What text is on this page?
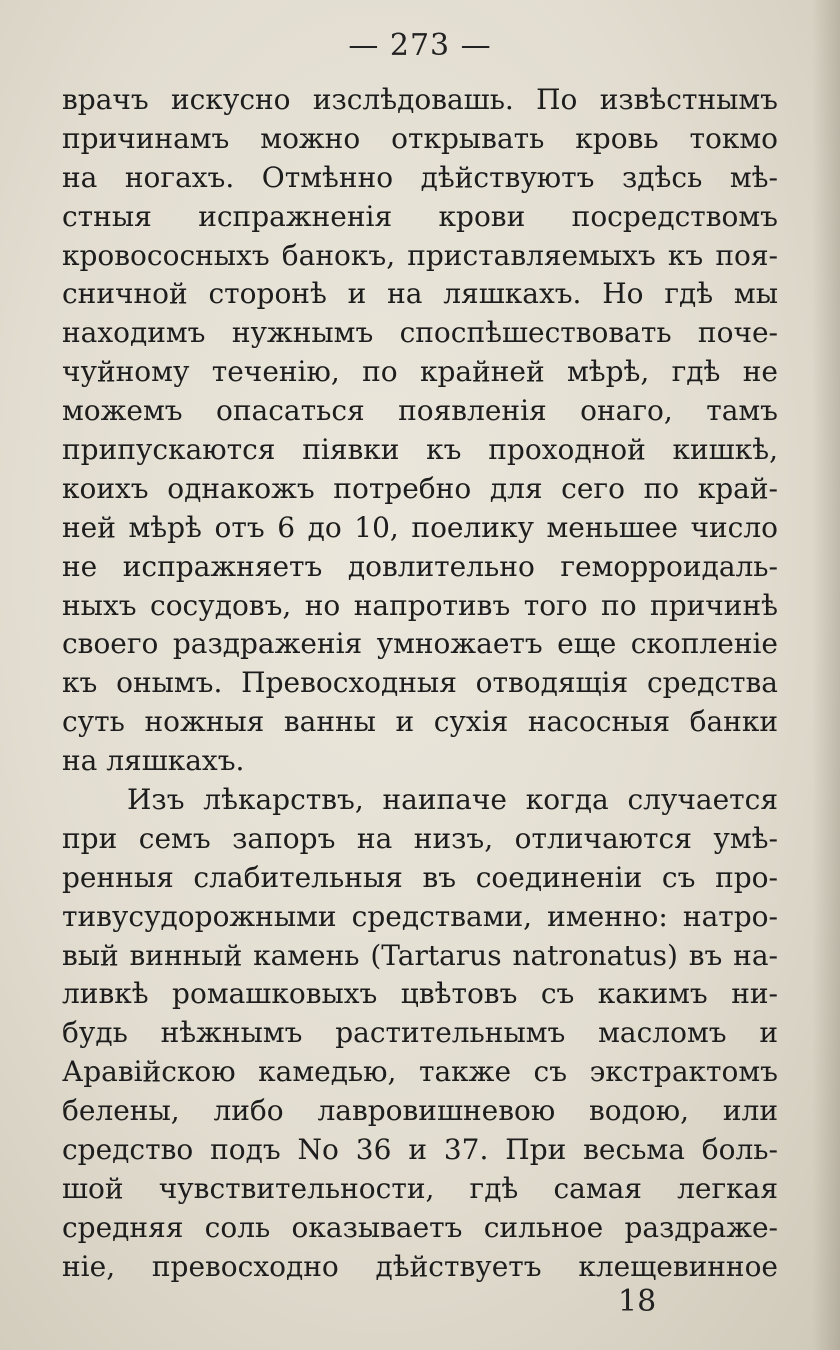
— 273 —
врачъ искусно изслѣдовашь. По извѣстнымъ
причинамъ можно открывать кровь токмо
на ногахъ. Отмѣнно дѣйствуютъ здѣсь мѣ-
стныя испражненія крови посредствомъ
кровососныхъ банокъ, приставляемыхъ къ поя-
сничной сторонѣ и на ляшкахъ. Но гдѣ мы
находимъ нужнымъ споспѣшествовать поче-
чуйному теченію, по крайней мѣрѣ, гдѣ не
можемъ опасаться появленія онаго, тамъ
припускаются піявки къ проходной кишкѣ,
коихъ однакожъ потребно для сего по край-
ней мѣрѣ отъ 6 до 10, поелику меньшее число
не испражняетъ довлительно геморроидаль-
ныхъ сосудовъ, но напротивъ того по причинѣ
своего раздраженія умножаетъ еще скопленіе
къ онымъ. Превосходныя отводящія средства
суть ножныя ванны и сухія насосныя банки
на ляшкахъ.
Изъ лѣкарствъ, наипаче когда случается
при семъ запоръ на низъ, отличаются умѣ-
ренныя слабительныя въ соединеніи съ про-
тивусудорожными средствами, именно: натро-
вый винный камень (Tartarus natronatus) въ на-
ливкѣ ромашковыхъ цвѣтовъ съ какимъ ни-
будь нѣжнымъ растительнымъ масломъ и
Аравійскою камедью, также съ экстрактомъ
белены, либо лавровишневою водою, или
средство подъ No 36 и 37. При весьма боль-
шой чувствительности, гдѣ самая легкая
средняя соль оказываетъ сильное раздраже-
ніе, превосходно дѣйствуетъ клещевинное
18
